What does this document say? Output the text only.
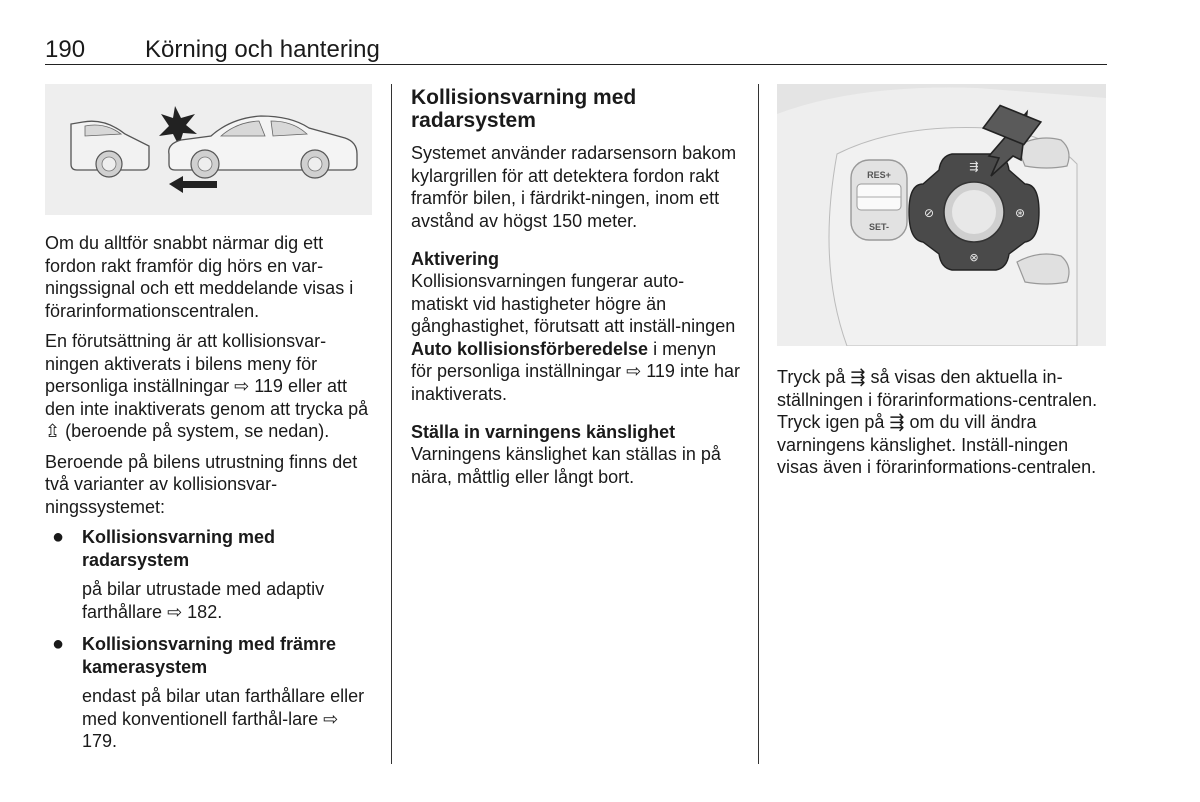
190 Körning och hantering

Om du alltför snabbt närmar dig ett fordon rakt framför dig hörs en var-ningssignal och ett meddelande visas i förarinformationscentralen.

En förutsättning är att kollisionsvar-ningen aktiverats i bilens meny för personliga inställningar ⇨ 119 eller att den inte inaktiverats genom att trycka på ⇫ (beroende på system, se nedan).

Beroende på bilens utrustning finns det två varianter av kollisionsvar-ningssystemet:

● Kollisionsvarning med radarsystem
på bilar utrustade med adaptiv farthållare ⇨ 182.
● Kollisionsvarning med främre kamerasystem
endast på bilar utan farthållare eller med konventionell farthål-lare ⇨ 179.
Kollisionsvarning med radarsystem

Systemet använder radarsensorn bakom kylargrillen för att detektera fordon rakt framför bilen, i färdrikt-ningen, inom ett avstånd av högst 150 meter.

Aktivering

Kollisionsvarningen fungerar auto-matiskt vid hastigheter högre än gånghastighet, förutsatt att inställ-ningen Auto kollisionsförberedelse i menyn för personliga inställningar ⇨ 119 inte har inaktiverats.

Ställa in varningens känslighet

Varningens känslighet kan ställas in på nära, måttlig eller långt bort.

RES+
SET-
⇶
⊘	⊛
⊗

Tryck på ⇶ så visas den aktuella in-ställningen i förarinformations-centralen. Tryck igen på ⇶ om du vill ändra varningens känslighet. Inställ-ningen visas även i förarinformations-centralen.
